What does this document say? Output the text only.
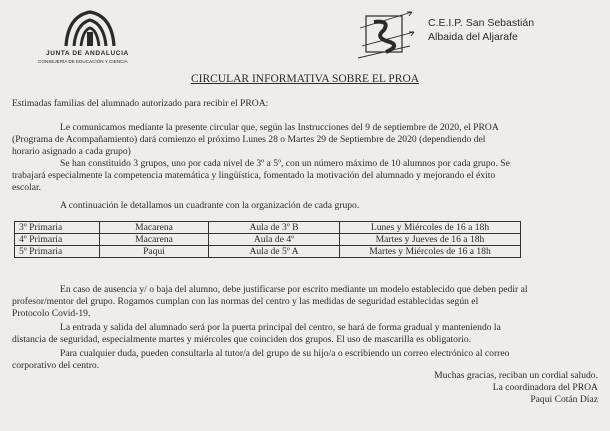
JUNTA DE ANDALUCIA
CONSEJERÍA DE EDUCACIÓN Y CIENCIA
C.E.I.P. San Sebastián
Albaida del Aljarafe
CIRCULAR INFORMATIVA SOBRE EL PROA
Estimadas familias del alumnado autorizado para recibir el PROA:
Le comunicamos mediante la presente circular que, según las Instrucciones del 9 de septiembre de 2020, el PROA
(Programa de Acompañamiento) dará comienzo el próximo Lunes 28 o Martes 29 de Septiembre de 2020 (dependiendo del
horario asignado a cada grupo)
Se han constituido 3 grupos, uno por cada nivel de 3º a 5º, con un número máximo de 10 alumnos por cada grupo. Se
trabajará especialmente la competencia matemática y lingüística, fomentado la motivación del alumnado y mejorando el éxito
escolar.
A continuación le detallamos un cuadrante con la organización de cada grupo.
3º Primaria	Macarena	Aula de 3º B	Lunes y Miércoles de 16 a 18h
4º Primaria	Macarena	Aula de 4º	Martes y Jueves de 16 a 18h
5º Primaria	Paqui	Aula de 5º A	Martes y Miércoles de 16 a 18h
En caso de ausencia y/ o baja del alumno, debe justificarse por escrito mediante un modelo establecido que deben pedir al
profesor/mentor del grupo. Rogamos cumplan con las normas del centro y las medidas de seguridad establecidas según el
Protocolo Covid-19.
La entrada y salida del alumnado será por la puerta principal del centro, se hará de forma gradual y manteniendo la
distancia de seguridad, especialmente martes y miércoles que coinciden dos grupos. El uso de mascarilla es obligatorio.
Para cualquier duda, pueden consultarla al tutor/a del grupo de su hijo/a o escribiendo un correo electrónico al correo
corporativo del centro.
Muchas gracias, reciban un cordial saludo.
La coordinadora del PROA
Paqui Cotán Díaz
